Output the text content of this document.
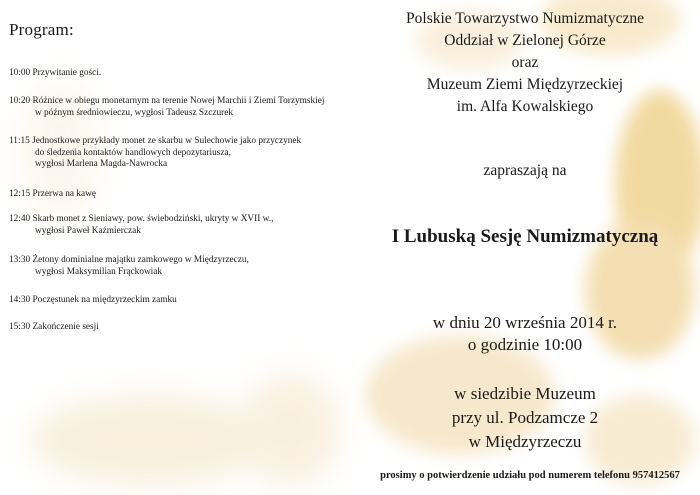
Program:
10:00 Przywitanie gości.
10:20 Różnice w obiegu monetarnym na terenie Nowej Marchii i Ziemi Torzymskiej
w późnym średniowieczu, wygłosi Tadeusz Szczurek
11:15 Jednostkowe przykłady monet ze skarbu w Sulechowie jako przyczynek
do śledzenia kontaktów handlowych depozytariusza,
wygłosi Marlena Magda-Nawrocka
12:15 Przerwa na kawę
12:40 Skarb monet z Sieniawy, pow. świebodziński, ukryty w XVII w.,
wygłosi Paweł Kaźmierczak
13:30 Żetony dominialne majątku zamkowego w Międzyrzeczu,
wygłosi Maksymilian Frąckowiak
14:30 Poczęstunek na międzyrzeckim zamku
15:30 Zakończenie sesji
Polskie Towarzystwo Numizmatyczne
Oddział w Zielonej Górze
oraz
Muzeum Ziemi Międzyrzeckiej
im. Alfa Kowalskiego
zapraszają na
I Lubuską Sesję Numizmatyczną
w dniu 20 września 2014 r.
o godzinie 10:00
w siedzibie Muzeum
przy ul. Podzamcze 2
w Międzyrzeczu
prosimy o potwierdzenie udziału pod numerem telefonu 957412567
